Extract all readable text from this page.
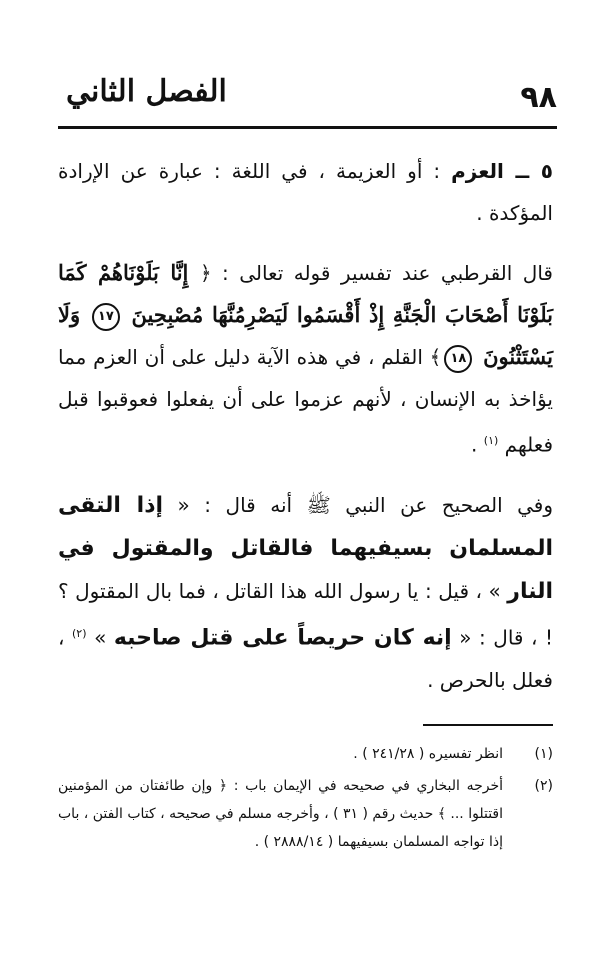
٩٨
الفصل الثاني

٥ ــ العزم : أو العزيمة ، في اللغة : عبارة عن الإرادة المؤكدة .

قال القرطبي عند تفسير قوله تعالى : ﴿ إِنَّا بَلَوْنَاهُمْ كَمَا بَلَوْنَا أَصْحَابَ الْجَنَّةِ إِذْ أَقْسَمُوا لَيَصْرِمُنَّهَا مُصْبِحِينَ ١٧ وَلَا يَسْتَثْنُونَ ١٨﴾ القلم ، في هذه الآية دليل على أن العزم مما يؤاخذ به الإنسان ، لأنهم عزموا على أن يفعلوا فعوقبوا قبل فعلهم $^{(١)}$ .

وفي الصحيح عن النبي ﷺ أنه قال : « إذا التقى المسلمان بسيفيهما فالقاتل والمقتول في النار » ، قيل : يا رسول الله هذا القاتل ، فما بال المقتول ؟ ! ، قال : « إنه كان حريصاً على قتل صاحبه » $^{(٢)}$ ، فعلل بالحرص .

(١)
انظر تفسيره ( ٢٤١/٢٨ ) .
(٢)
أخرجه البخاري في صحيحه في الإيمان باب : ﴿ وإن طائفتان من المؤمنين اقتتلوا ... ﴾ حديث رقم ( ٣١ ) ، وأخرجه مسلم في صحيحه ، كتاب الفتن ، باب إذا تواجه المسلمان بسيفيهما ( ٢٨٨٨/١٤ ) .
